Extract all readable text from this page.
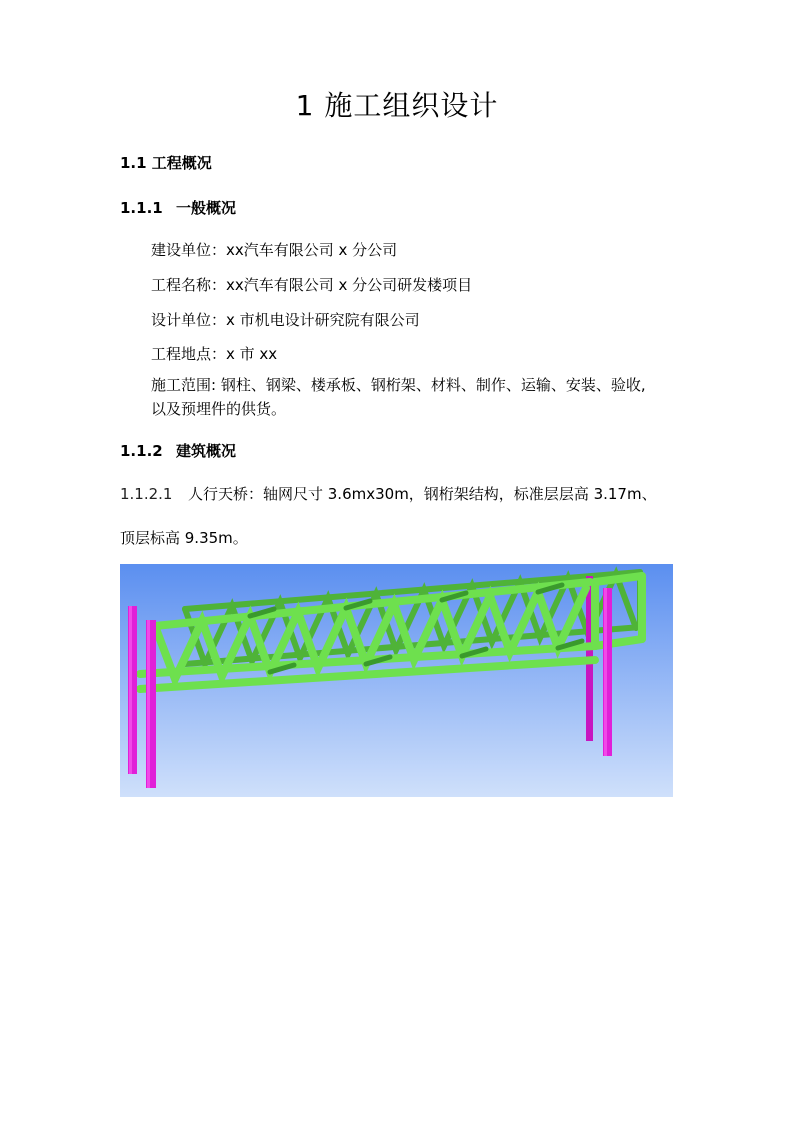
1 施工组织设计
1.1 工程概况
1.1.1 一般概况
建设单位：xx汽车有限公司 x 分公司
工程名称：xx汽车有限公司 x 分公司研发楼项目
设计单位：x 市机电设计研究院有限公司
工程地点：x 市 xx
施工范围: 钢柱、钢梁、楼承板、钢桁架、材料、制作、运输、安装、验收,
以及预埋件的供货。
1.1.2 建筑概况
1.1.2.1 人行天桥：轴网尺寸 3.6mx30m，钢桁架结构，标准层层高 3.17m、
顶层标高 9.35m。
